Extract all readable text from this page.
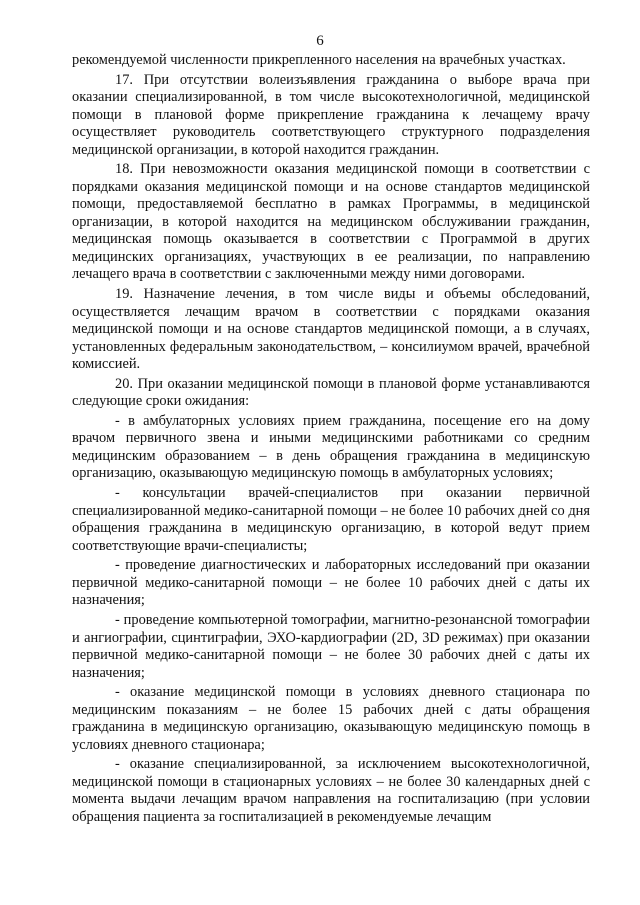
6

рекомендуемой численности прикрепленного населения на врачебных участках.

17. При отсутствии волеизъявления гражданина о выборе врача при оказании специализированной, в том числе высокотехнологичной, медицинской помощи в плановой форме прикрепление гражданина к лечащему врачу осуществляет руководитель соответствующего структурного подразделения медицинской организации, в которой находится гражданин.

18. При невозможности оказания медицинской помощи в соответствии с порядками оказания медицинской помощи и на основе стандартов медицинской помощи, предоставляемой бесплатно в рамках Программы, в медицинской организации, в которой находится на медицинском обслуживании гражданин, медицинская помощь оказывается в соответствии с Программой в других медицинских организациях, участвующих в ее реализации, по направлению лечащего врача в соответствии с заключенными между ними договорами.

19. Назначение лечения, в том числе виды и объемы обследований, осуществляется лечащим врачом в соответствии с порядками оказания медицинской помощи и на основе стандартов медицинской помощи, а в случаях, установленных федеральным законодательством, – консилиумом врачей, врачебной комиссией.

20. При оказании медицинской помощи в плановой форме устанавливаются следующие сроки ожидания:

- в амбулаторных условиях прием гражданина, посещение его на дому врачом первичного звена и иными медицинскими работниками со средним медицинским образованием – в день обращения гражданина в медицинскую организацию, оказывающую медицинскую помощь в амбулаторных условиях;

- консультации врачей-специалистов при оказании первичной специализированной медико-санитарной помощи – не более 10 рабочих дней со дня обращения гражданина в медицинскую организацию, в которой ведут прием соответствующие врачи-специалисты;

- проведение диагностических и лабораторных исследований при оказании первичной медико-санитарной помощи – не более 10 рабочих дней с даты их назначения;

- проведение компьютерной томографии, магнитно-резонансной томографии и ангиографии, сцинтиграфии, ЭХО-кардиографии (2D, 3D режимах) при оказании первичной медико-санитарной помощи – не более 30 рабочих дней с даты их назначения;

- оказание медицинской помощи в условиях дневного стационара по медицинским показаниям – не более 15 рабочих дней с даты обращения гражданина в медицинскую организацию, оказывающую медицинскую помощь в условиях дневного стационара;

- оказание специализированной, за исключением высокотехнологичной, медицинской помощи в стационарных условиях – не более 30 календарных дней с момента выдачи лечащим врачом направления на госпитализацию (при условии обращения пациента за госпитализацией в рекомендуемые лечащим
